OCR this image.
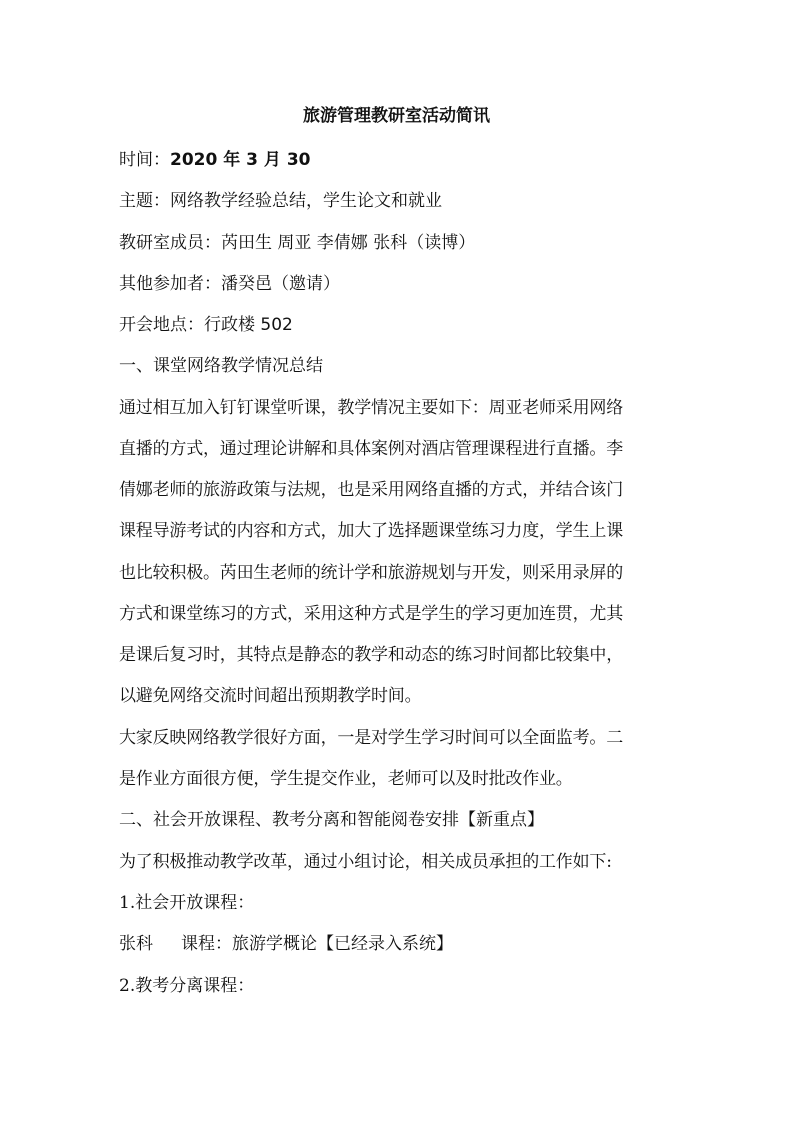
旅游管理教研室活动简讯
时间：2020 年 3 月 30
主题：网络教学经验总结，学生论文和就业
教研室成员：芮田生 周亚 李倩娜 张科（读博）
其他参加者：潘癸邑（邀请）
开会地点：行政楼 502
一、课堂网络教学情况总结
通过相互加入钉钉课堂听课，教学情况主要如下：周亚老师采用网络
直播的方式，通过理论讲解和具体案例对酒店管理课程进行直播。李
倩娜老师的旅游政策与法规，也是采用网络直播的方式，并结合该门
课程导游考试的内容和方式，加大了选择题课堂练习力度，学生上课
也比较积极。芮田生老师的统计学和旅游规划与开发，则采用录屏的
方式和课堂练习的方式，采用这种方式是学生的学习更加连贯，尤其
是课后复习时，其特点是静态的教学和动态的练习时间都比较集中，
以避免网络交流时间超出预期教学时间。
大家反映网络教学很好方面，一是对学生学习时间可以全面监考。二
是作业方面很方便，学生提交作业，老师可以及时批改作业。
二、社会开放课程、教考分离和智能阅卷安排【新重点】
为了积极推动教学改革，通过小组讨论，相关成员承担的工作如下:
1.社会开放课程：
张科 课程：旅游学概论【已经录入系统】
2.教考分离课程：
